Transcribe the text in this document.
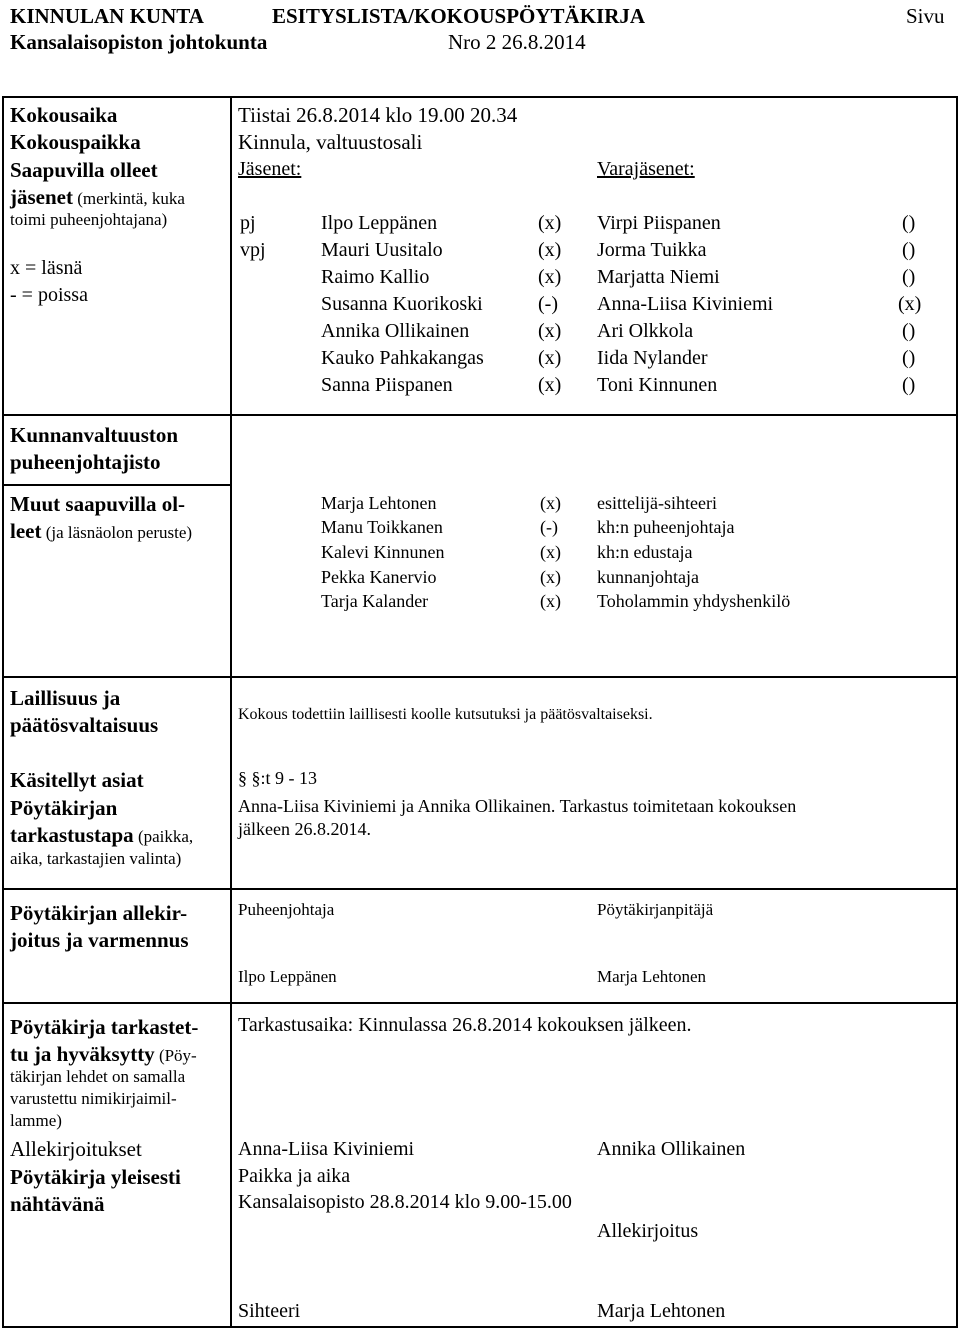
KINNULAN KUNTA	ESITYSLISTA/KOKOUSPÖYTÄKIRJA	Sivu
Kansalaisopiston johtokunta	Nro 2 26.8.2014
Kokousaika	Tiistai 26.8.2014 klo 19.00 20.34
Kokouspaikka	Kinnula, valtuustosali
Saapuvilla olleet
jäsenet (merkintä, kuka
toimi puheenjohtajana)
x = läsnä
- = poissa
Jäsenet:	Varajäsenet:
pj	Ilpo Leppänen	(x) Virpi Piispanen	()
vpj	Mauri Uusitalo	(x) Jorma Tuikka	()
Raimo Kallio	(x) Marjatta Niemi	()
Susanna Kuorikoski	(-) Anna-Liisa Kiviniemi	(x)
Annika Ollikainen	(x) Ari Olkkola	()
Kauko Pahkakangas	(x) Iida Nylander	()
Sanna Piispanen	(x) Toni Kinnunen	()
Kunnanvaltuuston
puheenjohtajisto
Muut saapuvilla ol-
leet (ja läsnäolon peruste)
Marja Lehtonen	(x) esittelijä-sihteeri
Manu Toikkanen	(-) kh:n puheenjohtaja
Kalevi Kinnunen	(x) kh:n edustaja
Pekka Kanervio	(x) kunnanjohtaja
Tarja Kalander	(x) Toholammin yhdyshenkilö
Laillisuus ja
päätösvaltaisuus	Kokous todettiin laillisesti koolle kutsutuksi ja päätösvaltaiseksi.
Käsitellyt asiat	§ §:t 9 - 13
Pöytäkirjan
tarkastustapa (paikka,
aika, tarkastajien valinta)
Anna-Liisa Kiviniemi ja Annika Ollikainen. Tarkastus toimitetaan kokouksen
jälkeen 26.8.2014.
Pöytäkirjan allekir-
joitus ja varmennus
Puheenjohtaja	Pöytäkirjanpitäjä
Ilpo Leppänen	Marja Lehtonen
Pöytäkirja tarkastet-
tu ja hyväksytty (Pöy-
täkirjan lehdet on samalla
varustettu nimikirjaimil-
lamme)
Tarkastusaika: Kinnulassa 26.8.2014 kokouksen jälkeen.
Allekirjoitukset	Anna-Liisa Kiviniemi	Annika Ollikainen
Pöytäkirja yleisesti
nähtävänä
Paikka ja aika
Kansalaisopisto 28.8.2014 klo 9.00-15.00
Allekirjoitus
Sihteeri	Marja Lehtonen
